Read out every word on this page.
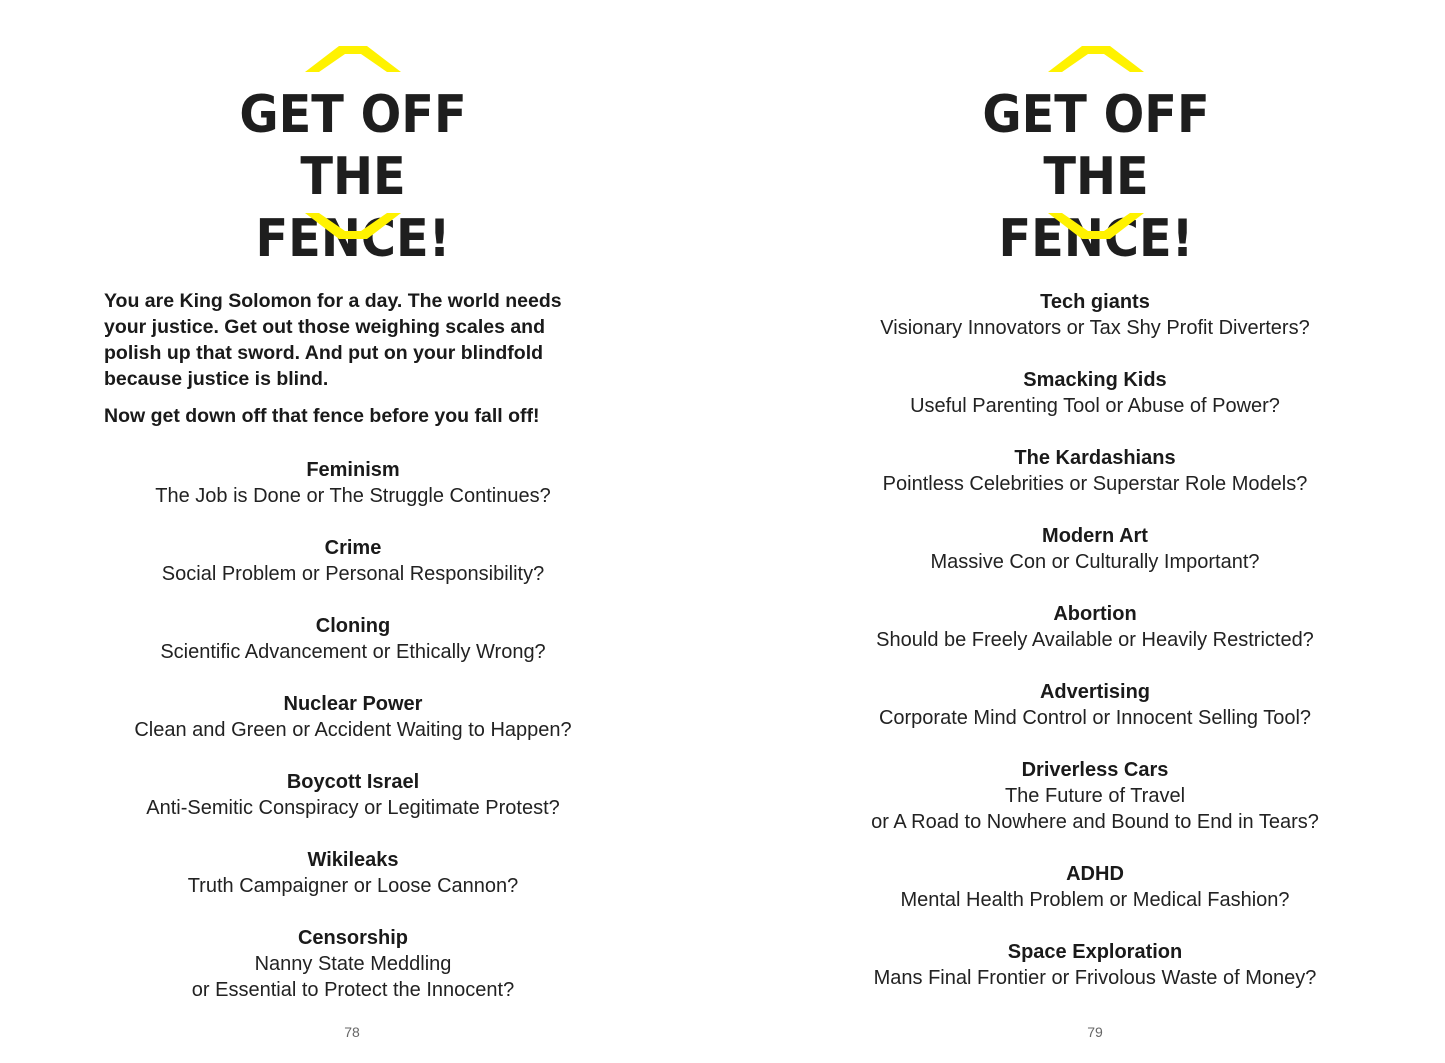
GET OFF
THE FENCE!

You are King Solomon for a day. The world needs your justice. Get out those weighing scales and polish up that sword. And put on your blindfold because justice is blind.

Now get down off that fence before you fall off!

Feminism
The Job is Done or The Struggle Continues?
Crime
Social Problem or Personal Responsibility?
Cloning
Scientific Advancement or Ethically Wrong?
Nuclear Power
Clean and Green or Accident Waiting to Happen?
Boycott Israel
Anti-Semitic Conspiracy or Legitimate Protest?
Wikileaks
Truth Campaigner or Loose Cannon?
Censorship
Nanny State Meddling
or Essential to Protect the Innocent?
78
GET OFF
THE FENCE!
Tech giants
Visionary Innovators or Tax Shy Profit Diverters?
Smacking Kids
Useful Parenting Tool or Abuse of Power?
The Kardashians
Pointless Celebrities or Superstar Role Models?
Modern Art
Massive Con or Culturally Important?
Abortion
Should be Freely Available or Heavily Restricted?
Advertising
Corporate Mind Control or Innocent Selling Tool?
Driverless Cars
The Future of Travel
or A Road to Nowhere and Bound to End in Tears?
ADHD
Mental Health Problem or Medical Fashion?
Space Exploration
Mans Final Frontier or Frivolous Waste of Money?
79
